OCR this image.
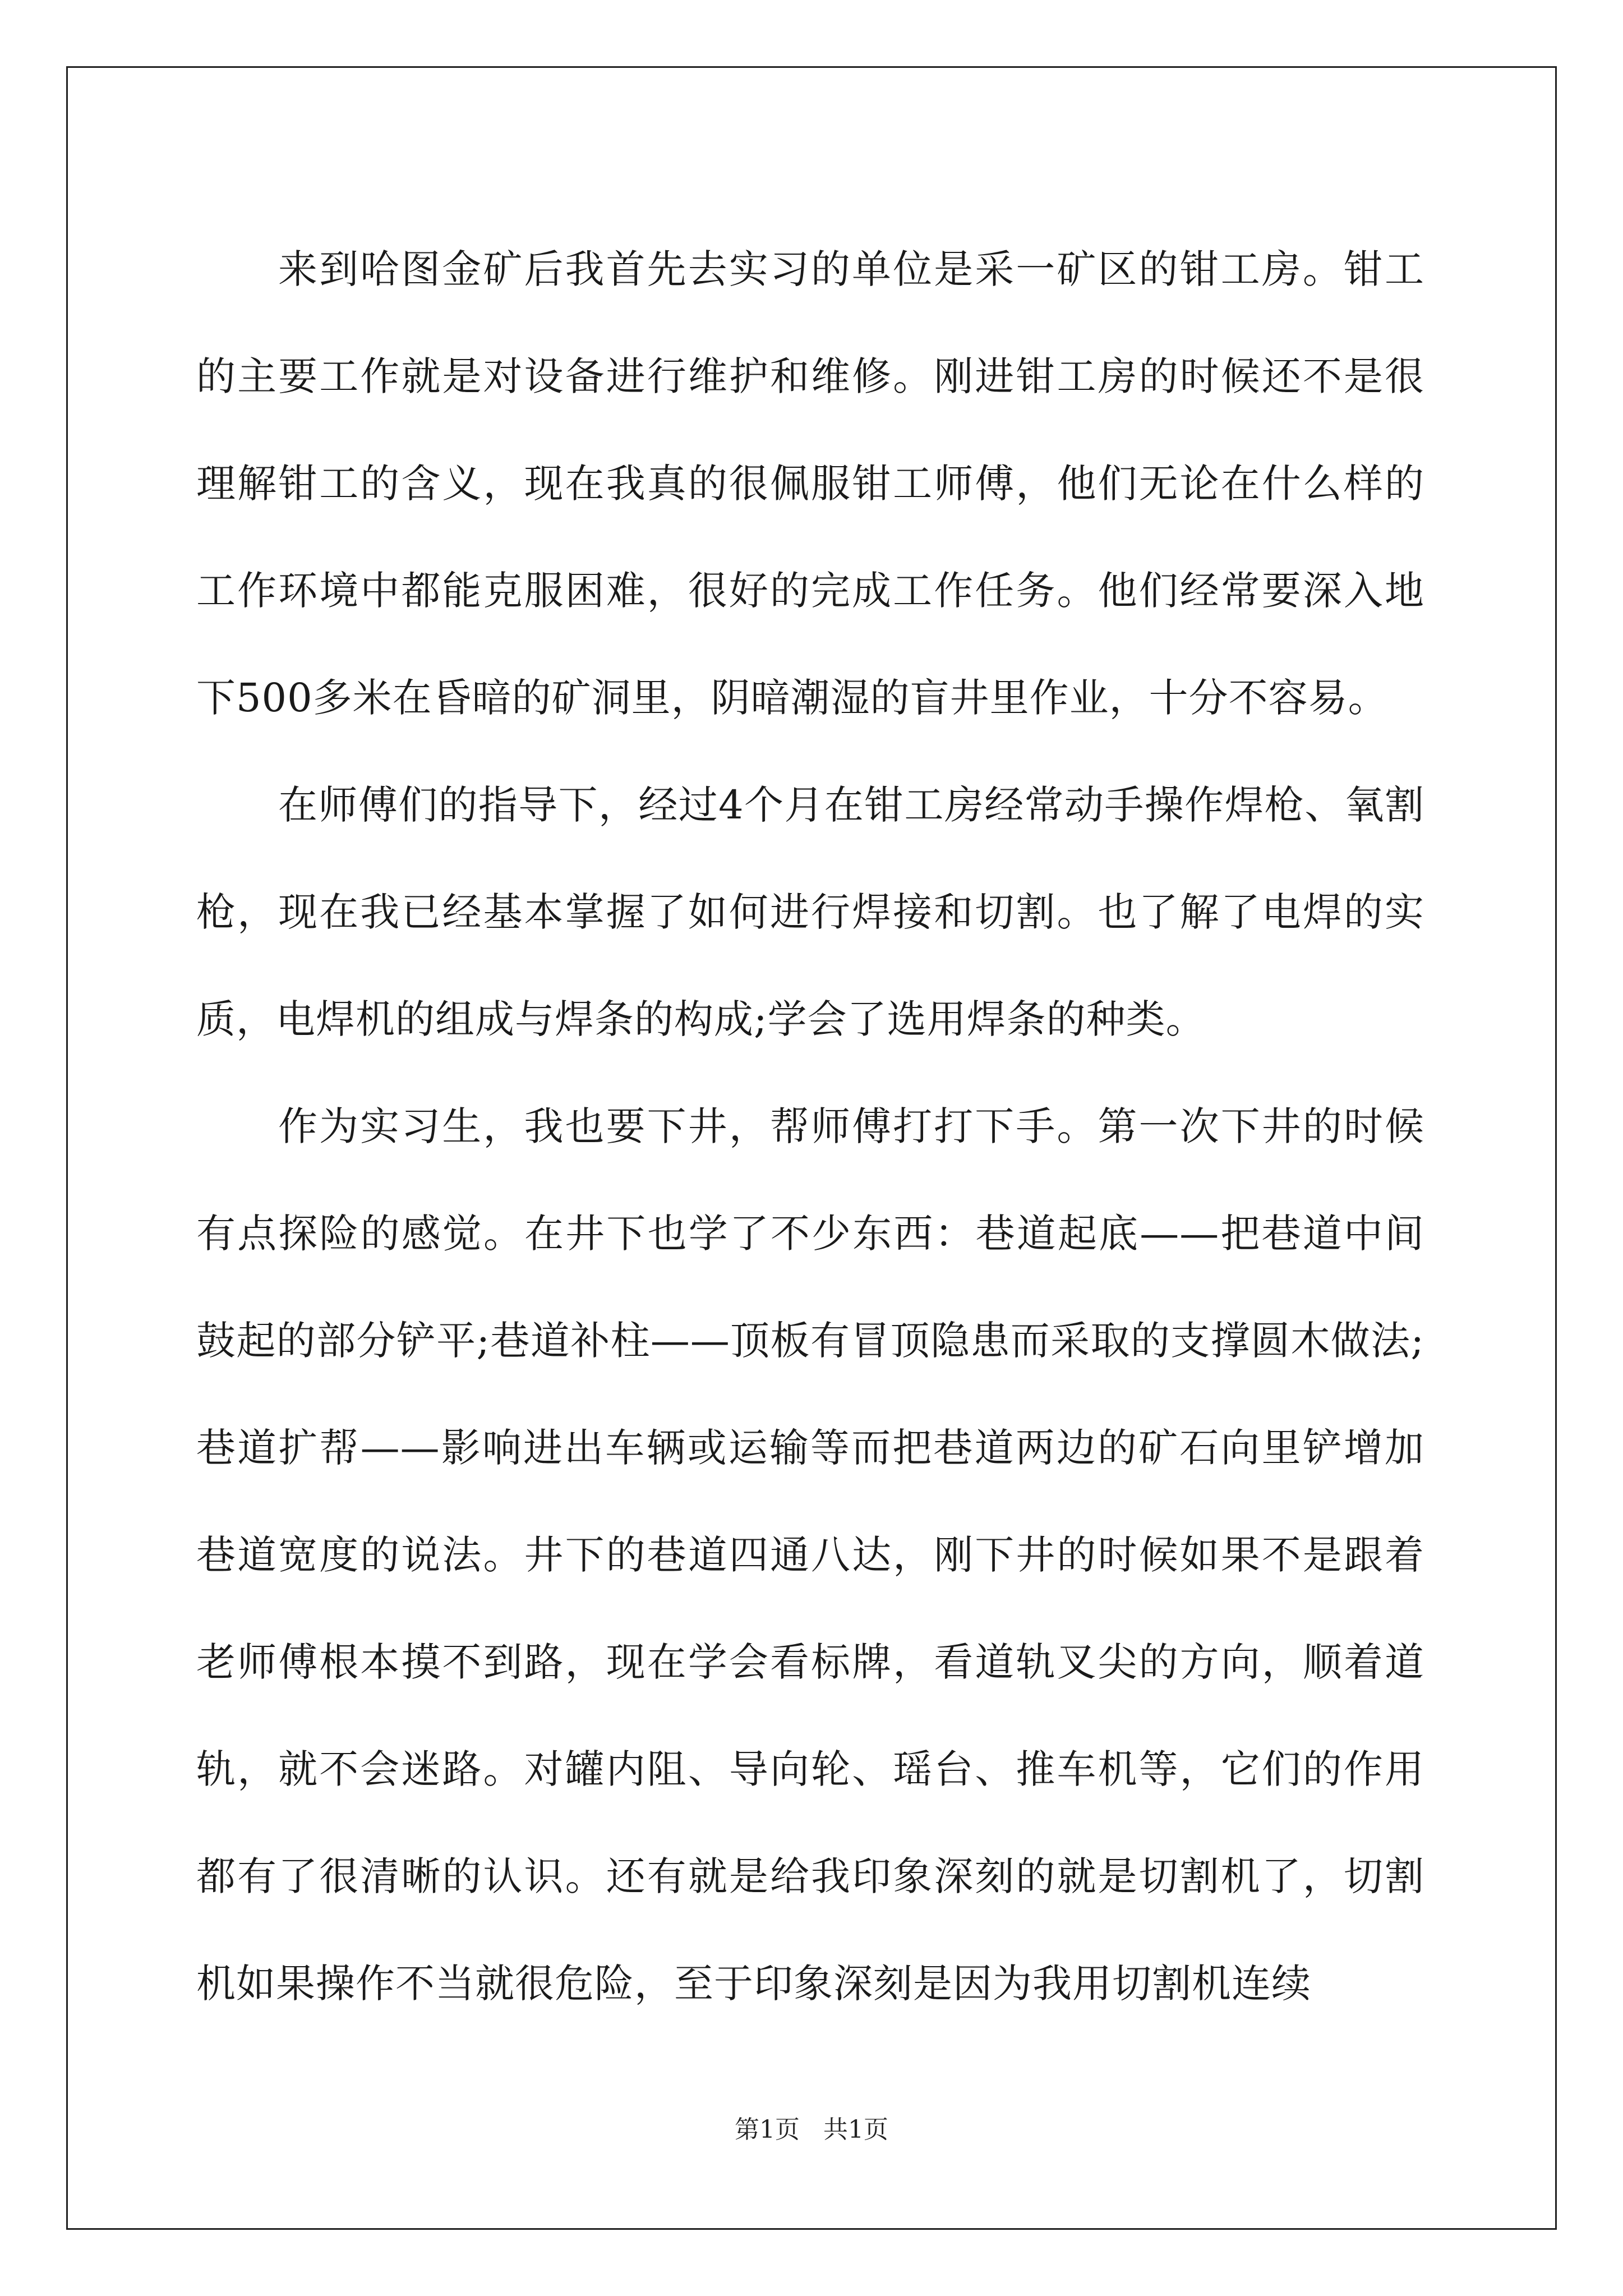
来到哈图金矿后我首先去实习的单位是采一矿区的钳工房。钳工的主要工作就是对设备进行维护和维修。刚进钳工房的时候还不是很理解钳工的含义，现在我真的很佩服钳工师傅，他们无论在什么样的工作环境中都能克服困难，很好的完成工作任务。他们经常要深入地下500多米在昏暗的矿洞里，阴暗潮湿的盲井里作业，十分不容易。

在师傅们的指导下，经过4个月在钳工房经常动手操作焊枪、氧割枪，现在我已经基本掌握了如何进行焊接和切割。也了解了电焊的实质，电焊机的组成与焊条的构成;学会了选用焊条的种类。

作为实习生，我也要下井，帮师傅打打下手。第一次下井的时候有点探险的感觉。在井下也学了不少东西：巷道起底——把巷道中间鼓起的部分铲平;巷道补柱——顶板有冒顶隐患而采取的支撑圆木做法;巷道扩帮——影响进出车辆或运输等而把巷道两边的矿石向里铲增加巷道宽度的说法。井下的巷道四通八达，刚下井的时候如果不是跟着老师傅根本摸不到路，现在学会看标牌，看道轨叉尖的方向，顺着道轨，就不会迷路。对罐内阻、导向轮、瑶台、推车机等，它们的作用都有了很清晰的认识。还有就是给我印象深刻的就是切割机了，切割机如果操作不当就很危险，至于印象深刻是因为我用切割机连续

第1页   共1页
